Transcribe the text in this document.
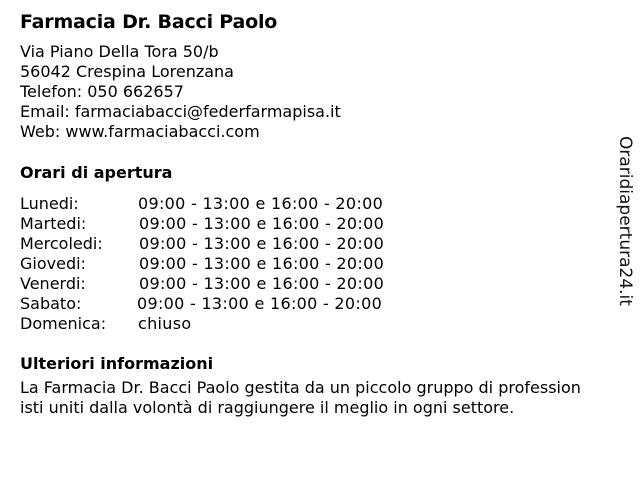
Farmacia Dr. Bacci Paolo
Via Piano Della Tora 50/b
56042 Crespina Lorenzana
Telefon: 050 662657
Email: farmaciabacci@federfarmapisa.it
Web: www.farmaciabacci.com
Orari di apertura
Lunedi:	09:00 - 13:00 e 16:00 - 20:00
Martedi:	09:00 - 13:00 e 16:00 - 20:00
Mercoledi: 09:00 - 13:00 e 16:00 - 20:00
Giovedi:	09:00 - 13:00 e 16:00 - 20:00
Venerdi:	09:00 - 13:00 e 16:00 - 20:00
Sabato:	09:00 - 13:00 e 16:00 - 20:00
Domenica: chiuso
Ulteriori informazioni
La Farmacia Dr. Bacci Paolo gestita da un piccolo gruppo di profession
isti uniti dalla volontà di raggiungere il meglio in ogni settore.
Oraridiapertura24.it
